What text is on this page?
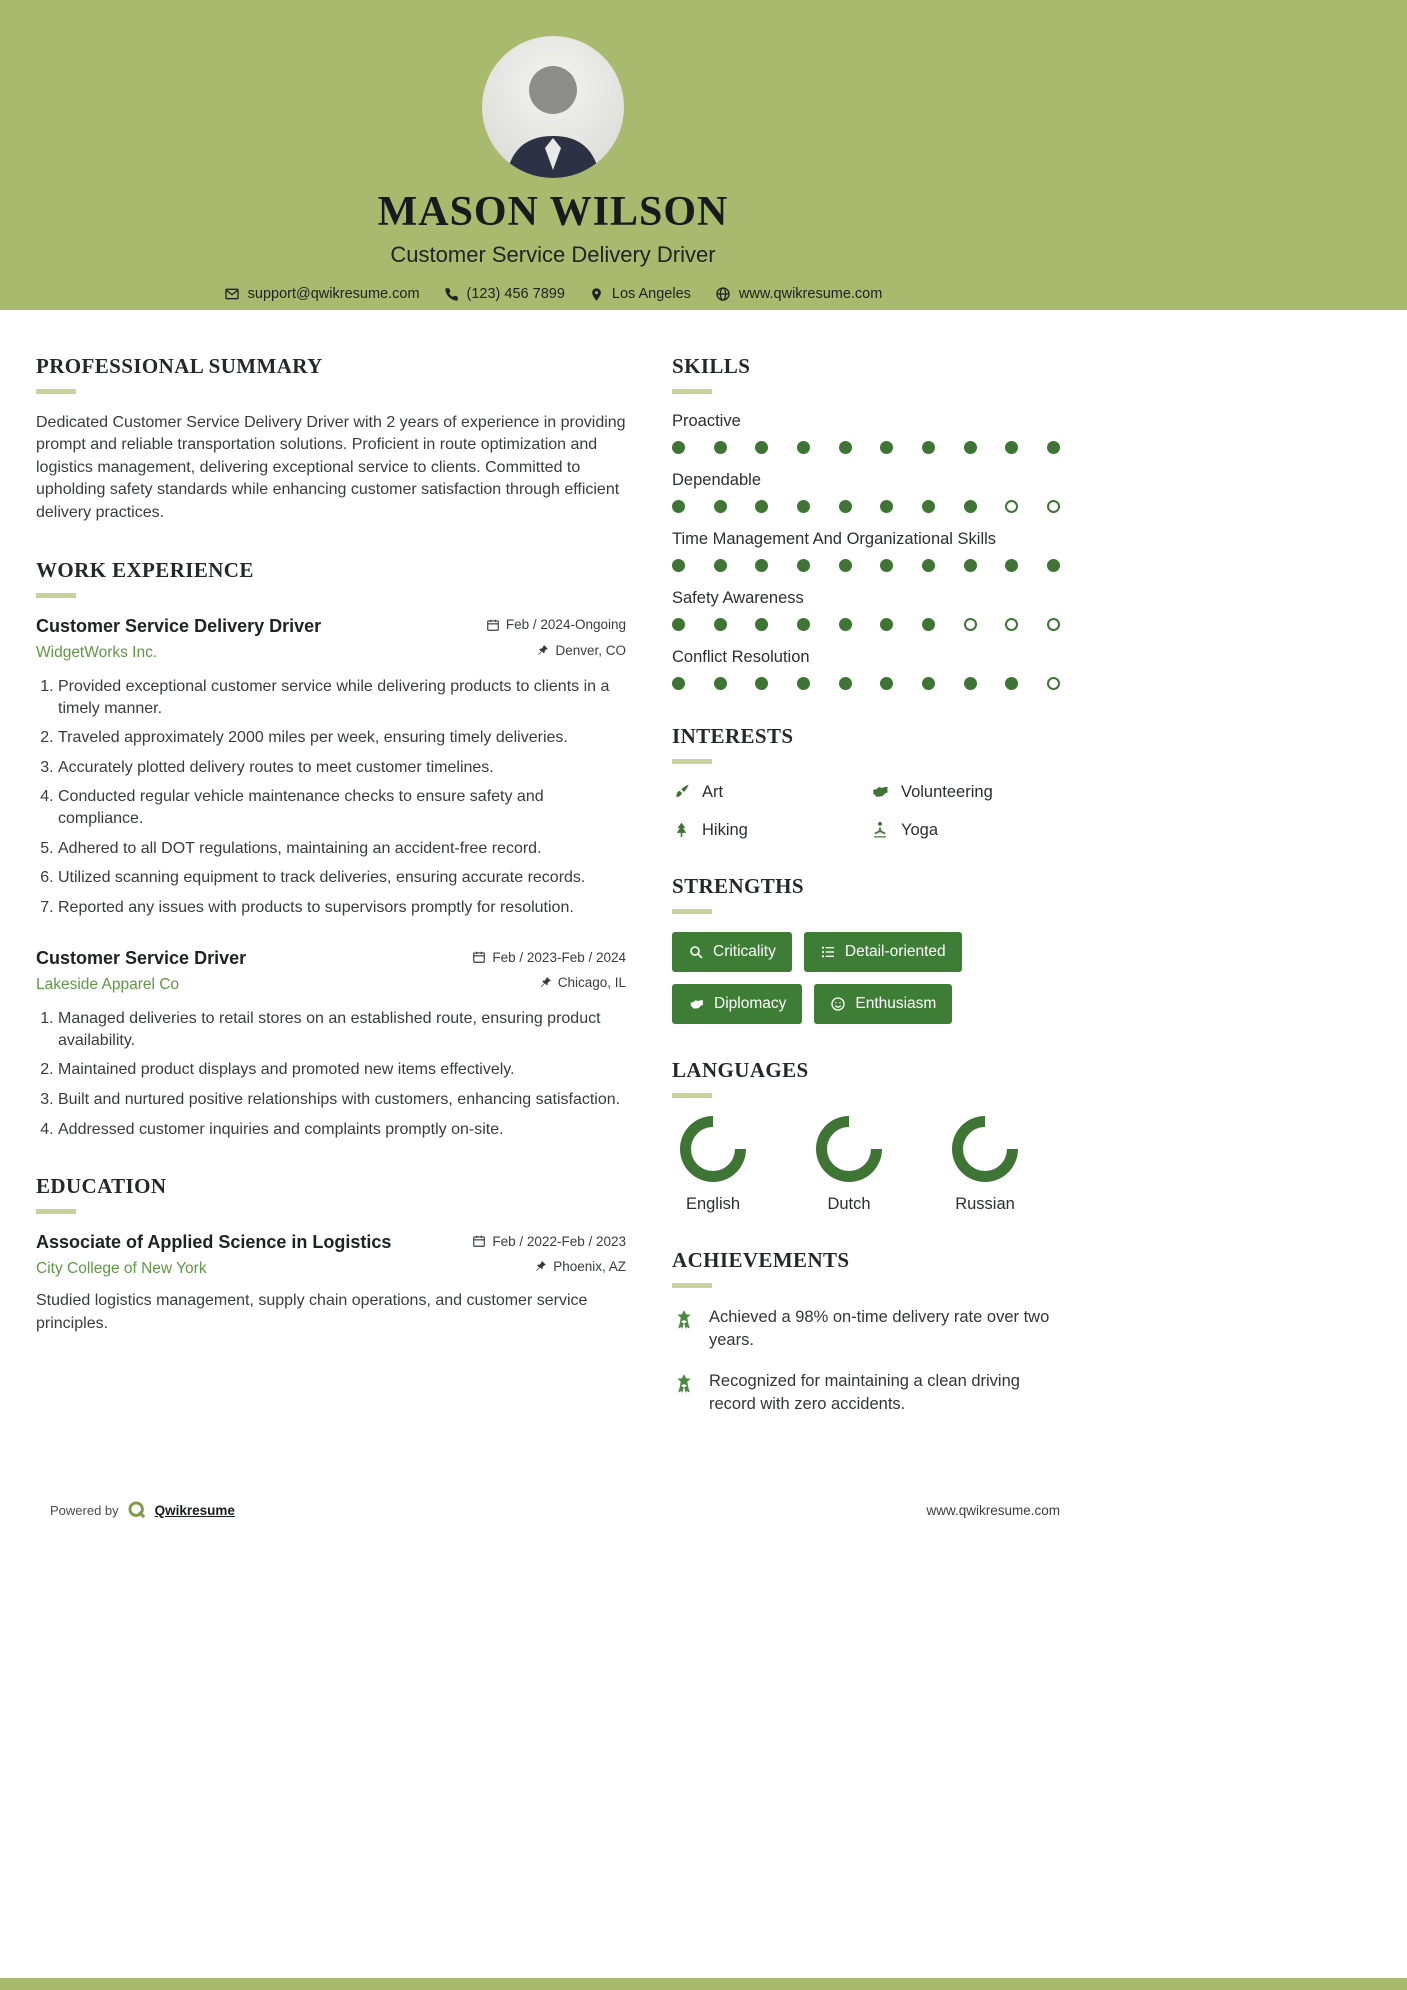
MASON WILSON
Customer Service Delivery Driver
support@qwikresume.com	(123) 456 7899	Los Angeles	www.qwikresume.com
PROFESSIONAL SUMMARY

Dedicated Customer Service Delivery Driver with 2 years of experience in providing prompt and reliable transportation solutions. Proficient in route optimization and logistics management, delivering exceptional service to clients. Committed to upholding safety standards while enhancing customer satisfaction through efficient delivery practices.

WORK EXPERIENCE
Customer Service Delivery Driver	Feb / 2024-Ongoing
WidgetWorks Inc.	Denver, CO
1. Provided exceptional customer service while delivering products to clients in a timely manner.
2. Traveled approximately 2000 miles per week, ensuring timely deliveries.
3. Accurately plotted delivery routes to meet customer timelines.
4. Conducted regular vehicle maintenance checks to ensure safety and compliance.
5. Adhered to all DOT regulations, maintaining an accident-free record.
6. Utilized scanning equipment to track deliveries, ensuring accurate records.
7. Reported any issues with products to supervisors promptly for resolution.
Customer Service Driver	Feb / 2023-Feb / 2024
Lakeside Apparel Co	Chicago, IL
1. Managed deliveries to retail stores on an established route, ensuring product availability.
2. Maintained product displays and promoted new items effectively.
3. Built and nurtured positive relationships with customers, enhancing satisfaction.
4. Addressed customer inquiries and complaints promptly on-site.
EDUCATION
Associate of Applied Science in Logistics	Feb / 2022-Feb / 2023
City College of New York	Phoenix, AZ

Studied logistics management, supply chain operations, and customer service principles.

SKILLS
Proactive
Dependable
Time Management And Organizational Skills
Safety Awareness
Conflict Resolution
INTERESTS
Art	Volunteering
Hiking	Yoga
STRENGTHS
Criticality	Detail-oriented
Diplomacy	Enthusiasm
LANGUAGES
English	Dutch	Russian
ACHIEVEMENTS

Achieved a 98% on-time delivery rate over two years.

Recognized for maintaining a clean driving record with zero accidents.

Powered by	Qwikresume	www.qwikresume.com
